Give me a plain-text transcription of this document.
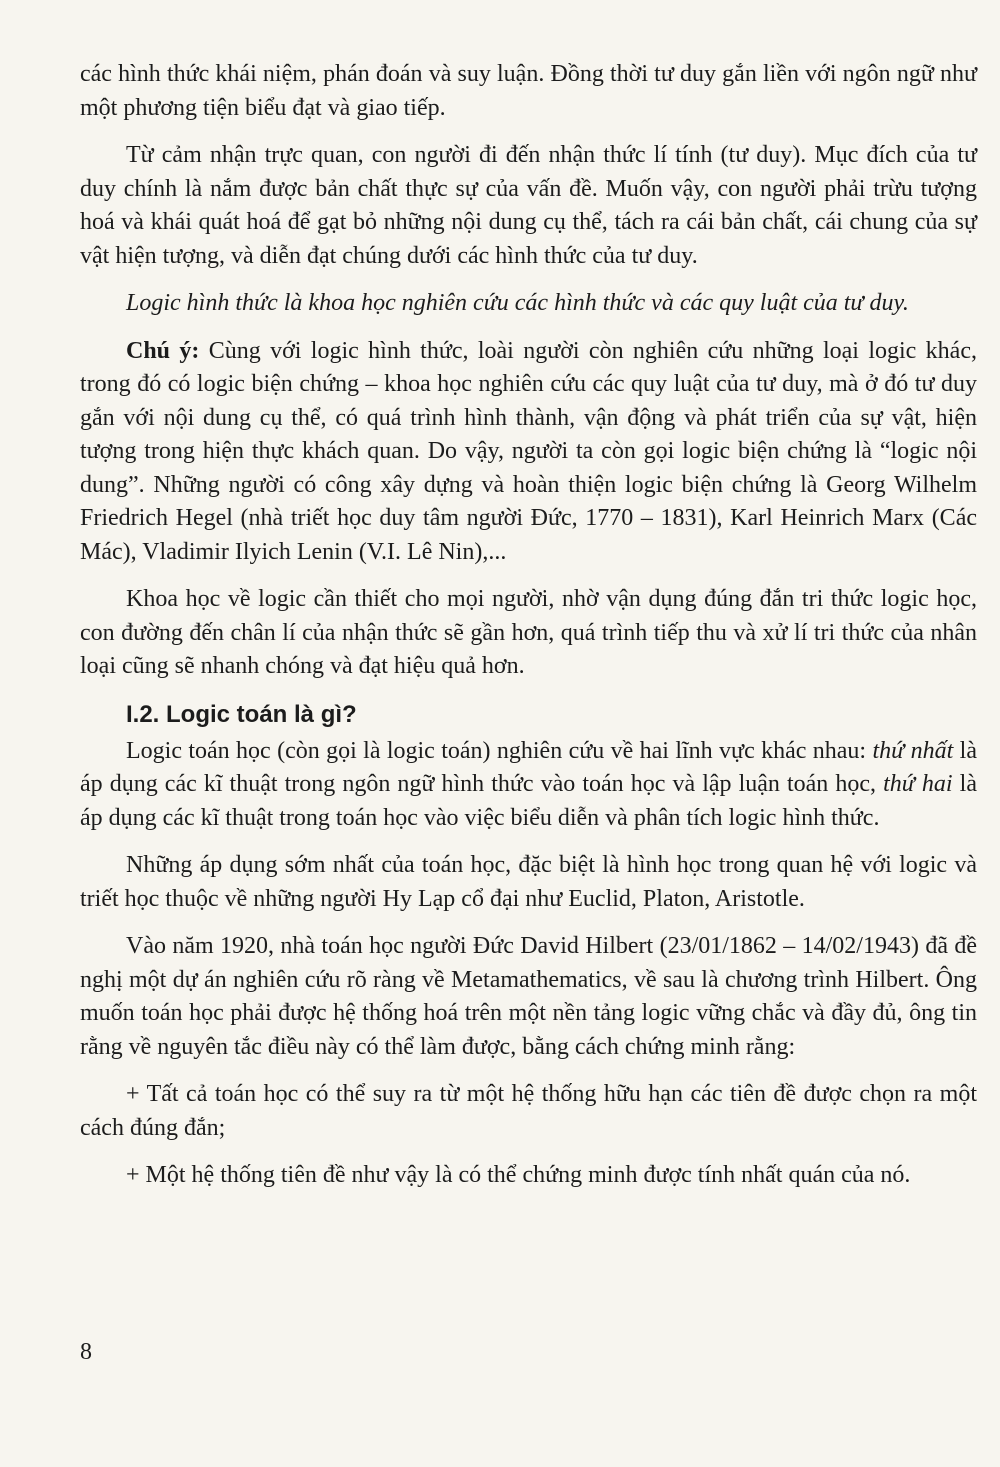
các hình thức khái niệm, phán đoán và suy luận. Đồng thời tư duy gắn liền với ngôn ngữ như một phương tiện biểu đạt và giao tiếp.

Từ cảm nhận trực quan, con người đi đến nhận thức lí tính (tư duy). Mục đích của tư duy chính là nắm được bản chất thực sự của vấn đề. Muốn vậy, con người phải trừu tượng hoá và khái quát hoá để gạt bỏ những nội dung cụ thể, tách ra cái bản chất, cái chung của sự vật hiện tượng, và diễn đạt chúng dưới các hình thức của tư duy.

Logic hình thức là khoa học nghiên cứu các hình thức và các quy luật của tư duy.

Chú ý: Cùng với logic hình thức, loài người còn nghiên cứu những loại logic khác, trong đó có logic biện chứng – khoa học nghiên cứu các quy luật của tư duy, mà ở đó tư duy gắn với nội dung cụ thể, có quá trình hình thành, vận động và phát triển của sự vật, hiện tượng trong hiện thực khách quan. Do vậy, người ta còn gọi logic biện chứng là “logic nội dung”. Những người có công xây dựng và hoàn thiện logic biện chứng là Georg Wilhelm Friedrich Hegel (nhà triết học duy tâm người Đức, 1770 – 1831), Karl Heinrich Marx (Các Mác), Vladimir Ilyich Lenin (V.I. Lê Nin),...

Khoa học về logic cần thiết cho mọi người, nhờ vận dụng đúng đắn tri thức logic học, con đường đến chân lí của nhận thức sẽ gần hơn, quá trình tiếp thu và xử lí tri thức của nhân loại cũng sẽ nhanh chóng và đạt hiệu quả hơn.

I.2. Logic toán là gì?

Logic toán học (còn gọi là logic toán) nghiên cứu về hai lĩnh vực khác nhau: thứ nhất là áp dụng các kĩ thuật trong ngôn ngữ hình thức vào toán học và lập luận toán học, thứ hai là áp dụng các kĩ thuật trong toán học vào việc biểu diễn và phân tích logic hình thức.

Những áp dụng sớm nhất của toán học, đặc biệt là hình học trong quan hệ với logic và triết học thuộc về những người Hy Lạp cổ đại như Euclid, Platon, Aristotle.

Vào năm 1920, nhà toán học người Đức David Hilbert (23/01/1862 – 14/02/1943) đã đề nghị một dự án nghiên cứu rõ ràng về Metamathematics, về sau là chương trình Hilbert. Ông muốn toán học phải được hệ thống hoá trên một nền tảng logic vững chắc và đầy đủ, ông tin rằng về nguyên tắc điều này có thể làm được, bằng cách chứng minh rằng:

+ Tất cả toán học có thể suy ra từ một hệ thống hữu hạn các tiên đề được chọn ra một cách đúng đắn;

+ Một hệ thống tiên đề như vậy là có thể chứng minh được tính nhất quán của nó.

8
